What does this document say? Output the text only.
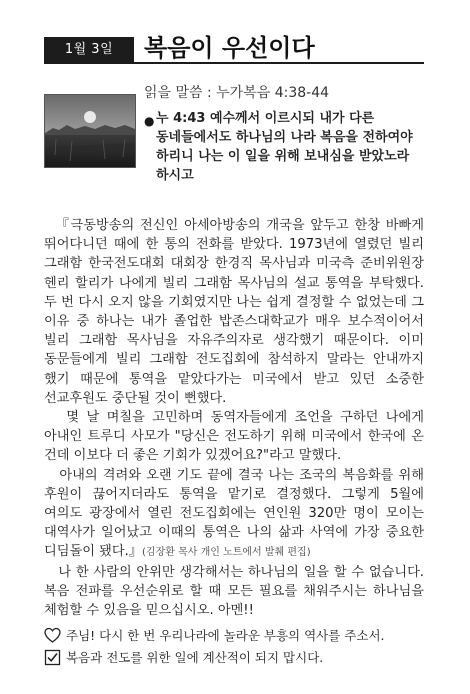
1월 3일	복음이 우선이다
읽을 말씀 : 누가복음 4:38-44
● 누 4:43 예수께서 이르시되 내가 다른 동네들에서도 하나님의 나라 복음을 전하여야 하리니 나는 이 일을 위해 보내심을 받았노라 하시고

『극동방송의 전신인 아세아방송의 개국을 앞두고 한창 바빠게 뛰어다니던 때에 한 통의 전화를 받았다. 1973년에 열렸던 빌리 그래함 한국전도대회 대회장 한경직 목사님과 미국측 준비위원장 헨리 할리가 나에게 빌리 그래함 목사님의 설교 통역을 부탁했다. 두 번 다시 오지 않을 기회였지만 나는 쉽게 결정할 수 없었는데 그 이유 중 하나는 내가 졸업한 밥존스대학교가 매우 보수적이어서 빌리 그래함 목사님을 자유주의자로 생각했기 때문이다. 이미 동문들에게 빌리 그래함 전도집회에 참석하지 말라는 안내까지 했기 때문에 통역을 맡았다가는 미국에서 받고 있던 소중한 선교후원도 중단될 것이 뻔했다.

몇 날 며칠을 고민하며 동역자들에게 조언을 구하던 나에게 아내인 트루디 사모가 "당신은 전도하기 위해 미국에서 한국에 온 건데 이보다 더 좋은 기회가 있겠어요?"라고 말했다.

아내의 격려와 오랜 기도 끝에 결국 나는 조국의 복음화를 위해 후원이 끊어지더라도 통역을 맡기로 결정했다. 그렇게 5월에 여의도 광장에서 열린 전도집회에는 연인원 320만 명이 모이는 대역사가 일어났고 이때의 통역은 나의 삶과 사역에 가장 중요한 디딤돌이 됐다.』(김장환 목사 개인 노트에서 발췌 편집)

나 한 사람의 안위만 생각해서는 하나님의 일을 할 수 없습니다. 복음 전파를 우선순위로 할 때 모든 필요를 채워주시는 하나님을 체험할 수 있음을 믿으십시오. 아멘!!

주님! 다시 한 번 우리나라에 놀라운 부흥의 역사를 주소서.
복음과 전도를 위한 일에 계산적이 되지 맙시다.
